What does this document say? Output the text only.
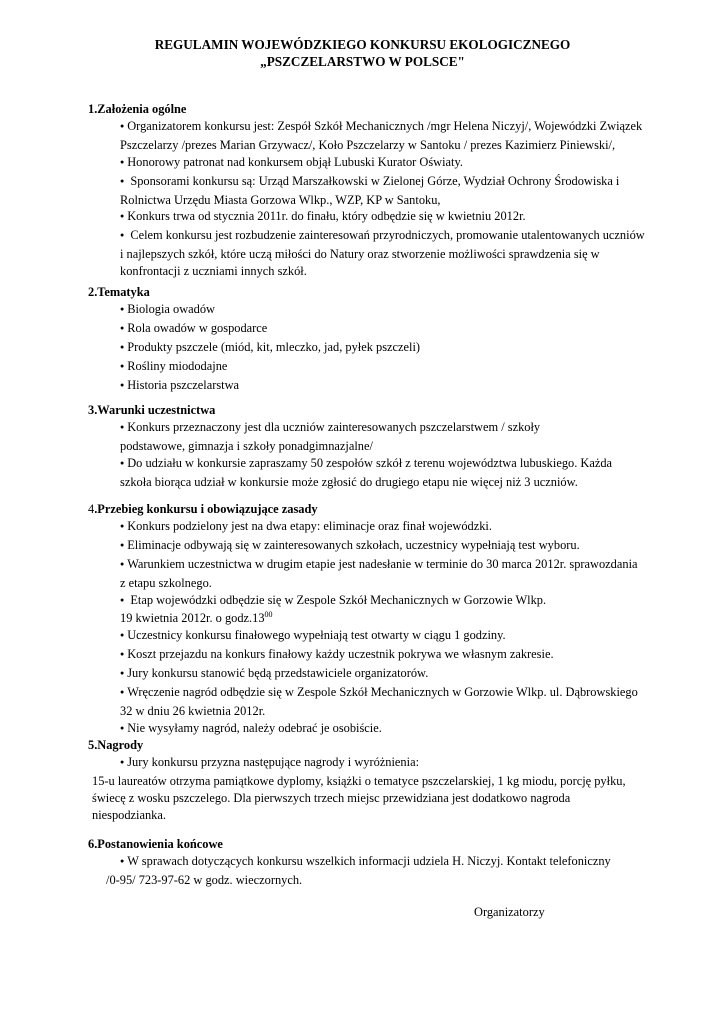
REGULAMIN WOJEWÓDZKIEGO KONKURSU EKOLOGICZNEGO
„PSZCZELARSTWO W POLSCE"
1.Założenia ogólne

● Organizatorem konkursu jest: Zespół Szkół Mechanicznych /mgr Helena Niczyj/, Wojewódzki Związek

Pszczelarzy /prezes Marian Grzywacz/, Koło Pszczelarzy w Santoku / prezes Kazimierz Piniewski/,

● Honorowy patronat nad konkursem objął Lubuski Kurator Oświaty.

● Sponsorami konkursu są: Urząd Marszałkowski w Zielonej Górze, Wydział Ochrony Środowiska i

Rolnictwa Urzędu Miasta Gorzowa Wlkp., WZP, KP w Santoku,

● Konkurs trwa od stycznia 2011r. do finału, który odbędzie się w kwietniu 2012r.

● Celem konkursu jest rozbudzenie zainteresowań przyrodniczych, promowanie utalentowanych uczniów

i najlepszych szkół, które uczą miłości do Natury oraz stworzenie możliwości sprawdzenia się w

konfrontacji z uczniami innych szkół.

2.Tematyka

● Biologia owadów

● Rola owadów w gospodarce

● Produkty pszczele (miód, kit, mleczko, jad, pyłek pszczeli)

● Rośliny miododajne

● Historia pszczelarstwa

3.Warunki uczestnictwa

● Konkurs przeznaczony jest dla uczniów zainteresowanych pszczelarstwem / szkoły

podstawowe, gimnazja i szkoły ponadgimnazjalne/

● Do udziału w konkursie zapraszamy 50 zespołów szkół z terenu województwa lubuskiego. Każda

szkoła biorąca udział w konkursie może zgłosić do drugiego etapu nie więcej niż 3 uczniów.

4.Przebieg konkursu i obowiązujące zasady

● Konkurs podzielony jest na dwa etapy: eliminacje oraz finał wojewódzki.

● Eliminacje odbywają się w zainteresowanych szkołach, uczestnicy wypełniają test wyboru.

● Warunkiem uczestnictwa w drugim etapie jest nadesłanie w terminie do 30 marca 2012r. sprawozdania

z etapu szkolnego.

● Etap wojewódzki odbędzie się w Zespole Szkół Mechanicznych w Gorzowie Wlkp.

19 kwietnia 2012r. o $godz.13^{00}$

● Uczestnicy konkursu finałowego wypełniają test otwarty w ciągu 1 godziny.

● Koszt przejazdu na konkurs finałowy każdy uczestnik pokrywa we własnym zakresie.

● Jury konkursu stanowić będą przedstawiciele organizatorów.

● Wręczenie nagród odbędzie się w Zespole Szkół Mechanicznych w Gorzowie Wlkp. ul. Dąbrowskiego

32 w dniu 26 kwietnia 2012r.

● Nie wysyłamy nagród, należy odebrać je osobiście.

5.Nagrody

● Jury konkursu przyzna następujące nagrody i wyróżnienia:

15-u laureatów otrzyma pamiątkowe dyplomy, książki o tematyce pszczelarskiej, 1 kg miodu, porcję pyłku,

świecę z wosku pszczelego. Dla pierwszych trzech miejsc przewidziana jest dodatkowo nagroda

niespodzianka.

6.Postanowienia końcowe

● W sprawach dotyczących konkursu wszelkich informacji udziela H. Niczyj. Kontakt telefoniczny

/0-95/ 723-97-62 w godz. wieczornych.

Organizatorzy
